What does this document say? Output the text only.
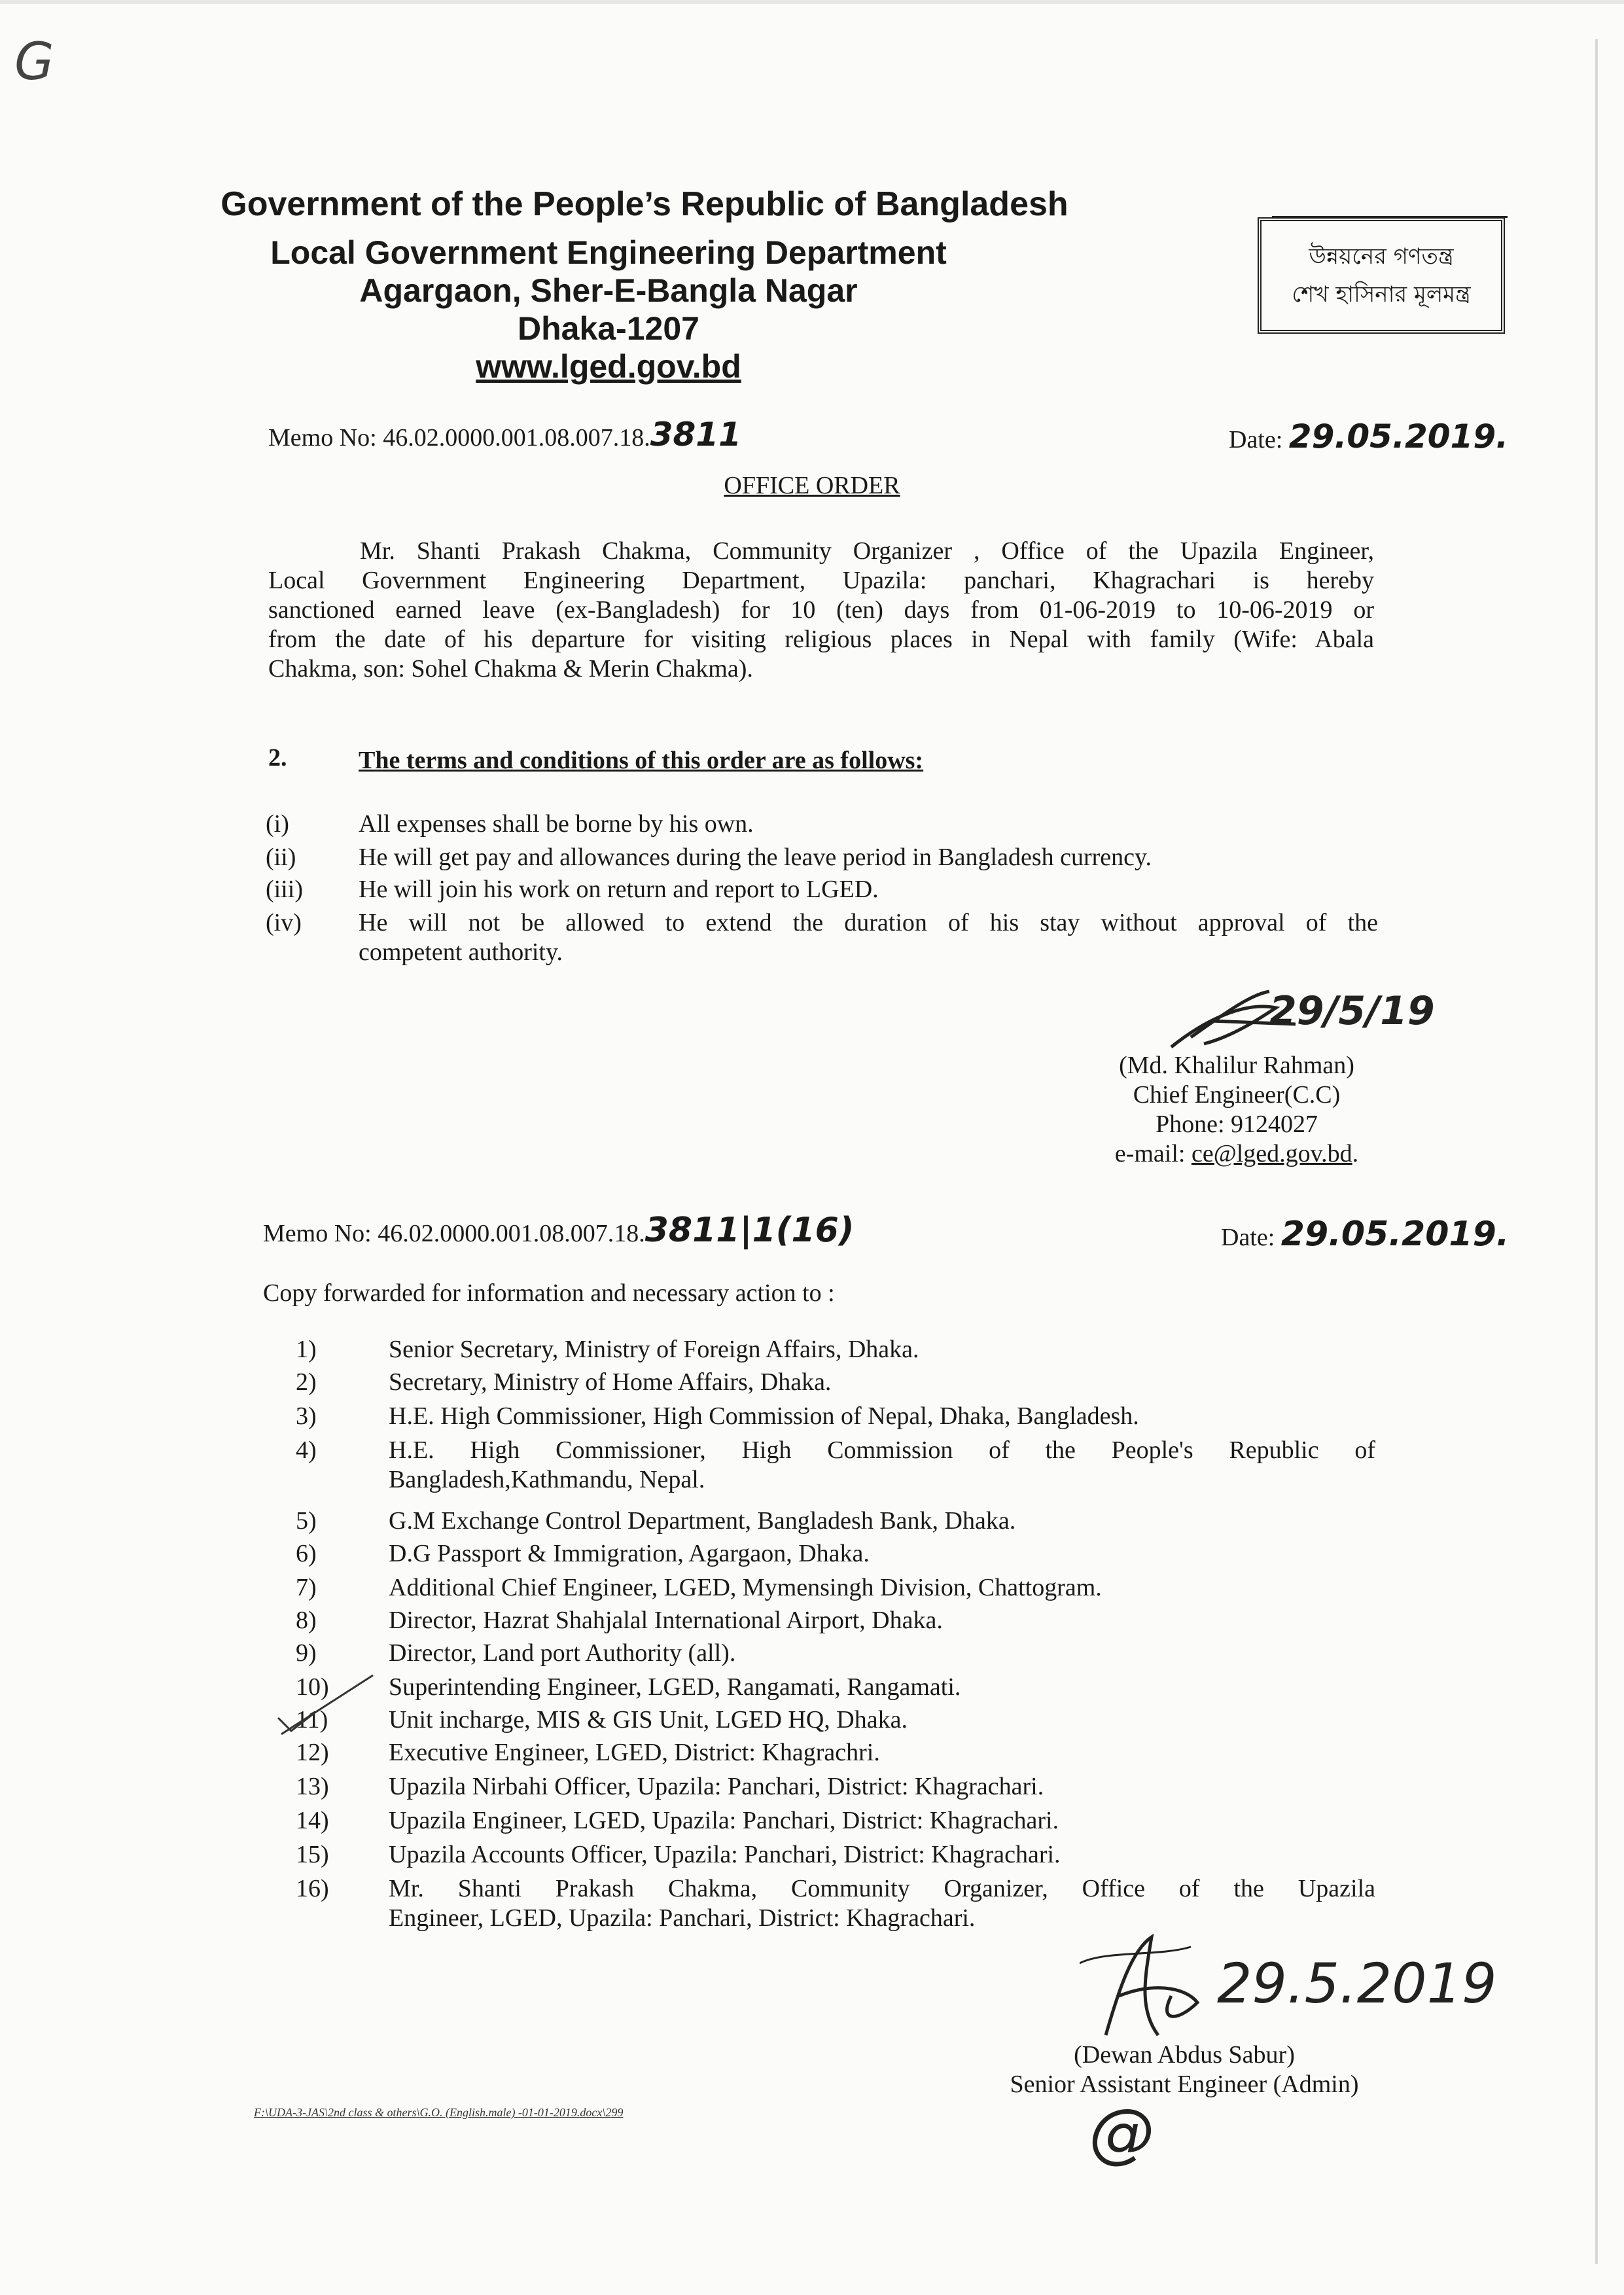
G
Government of the People’s Republic of Bangladesh
Local Government Engineering Department
Agargaon, Sher-E-Bangla Nagar
Dhaka-1207
www.lged.gov.bd
উন্নয়নের গণতন্ত্র
শেখ হাসিনার মূলমন্ত্র
Memo No: 46.02.0000.001.08.007.18.3811	Date: 29.05.2019.
OFFICE ORDER
Mr. Shanti Prakash Chakma, Community Organizer , Office of the Upazila Engineer,
Local Government Engineering Department, Upazila: panchari, Khagrachari is hereby
sanctioned earned leave (ex-Bangladesh) for 10 (ten) days from 01-06-2019 to 10-06-2019 or
from the date of his departure for visiting religious places in Nepal with family (Wife: Abala
Chakma, son: Sohel Chakma & Merin Chakma).
2.	The terms and conditions of this order are as follows:
(i)	All expenses shall be borne by his own.
(ii)	He will get pay and allowances during the leave period in Bangladesh currency.
(iii) He will join his work on return and report to LGED.
(iv) He will not be allowed to extend the duration of his stay without approval of the
competent authority.
29/5/19
(Md. Khalilur Rahman)
Chief Engineer(C.C)
Phone: 9124027
e-mail: ce@lged.gov.bd.
Memo No: 46.02.0000.001.08.007.18.3811|1(16)	Date: 29.05.2019.
Copy forwarded for information and necessary action to :
1)	Senior Secretary, Ministry of Foreign Affairs, Dhaka.
2)	Secretary, Ministry of Home Affairs, Dhaka.
3)	H.E. High Commissioner, High Commission of Nepal, Dhaka, Bangladesh.
4)	H.E. High Commissioner, High Commission of the People's Republic of
Bangladesh,Kathmandu, Nepal.
5)	G.M Exchange Control Department, Bangladesh Bank, Dhaka.
6)	D.G Passport & Immigration, Agargaon, Dhaka.
7)	Additional Chief Engineer, LGED, Mymensingh Division, Chattogram.
8)	Director, Hazrat Shahjalal International Airport, Dhaka.
9)	Director, Land port Authority (all).
10) Superintending Engineer, LGED, Rangamati, Rangamati.
11) Unit incharge, MIS & GIS Unit, LGED HQ, Dhaka.
12) Executive Engineer, LGED, District: Khagrachri.
13) Upazila Nirbahi Officer, Upazila: Panchari, District: Khagrachari.
14) Upazila Engineer, LGED, Upazila: Panchari, District: Khagrachari.
15) Upazila Accounts Officer, Upazila: Panchari, District: Khagrachari.
16) Mr. Shanti Prakash Chakma, Community Organizer, Office of the Upazila
Engineer, LGED, Upazila: Panchari, District: Khagrachari.
29.5.2019
(Dewan Abdus Sabur)
Senior Assistant Engineer (Admin)
F:\UDA-3-JAS\2nd class & others\G.O. (English.male) -01-01-2019.docx\299	@
